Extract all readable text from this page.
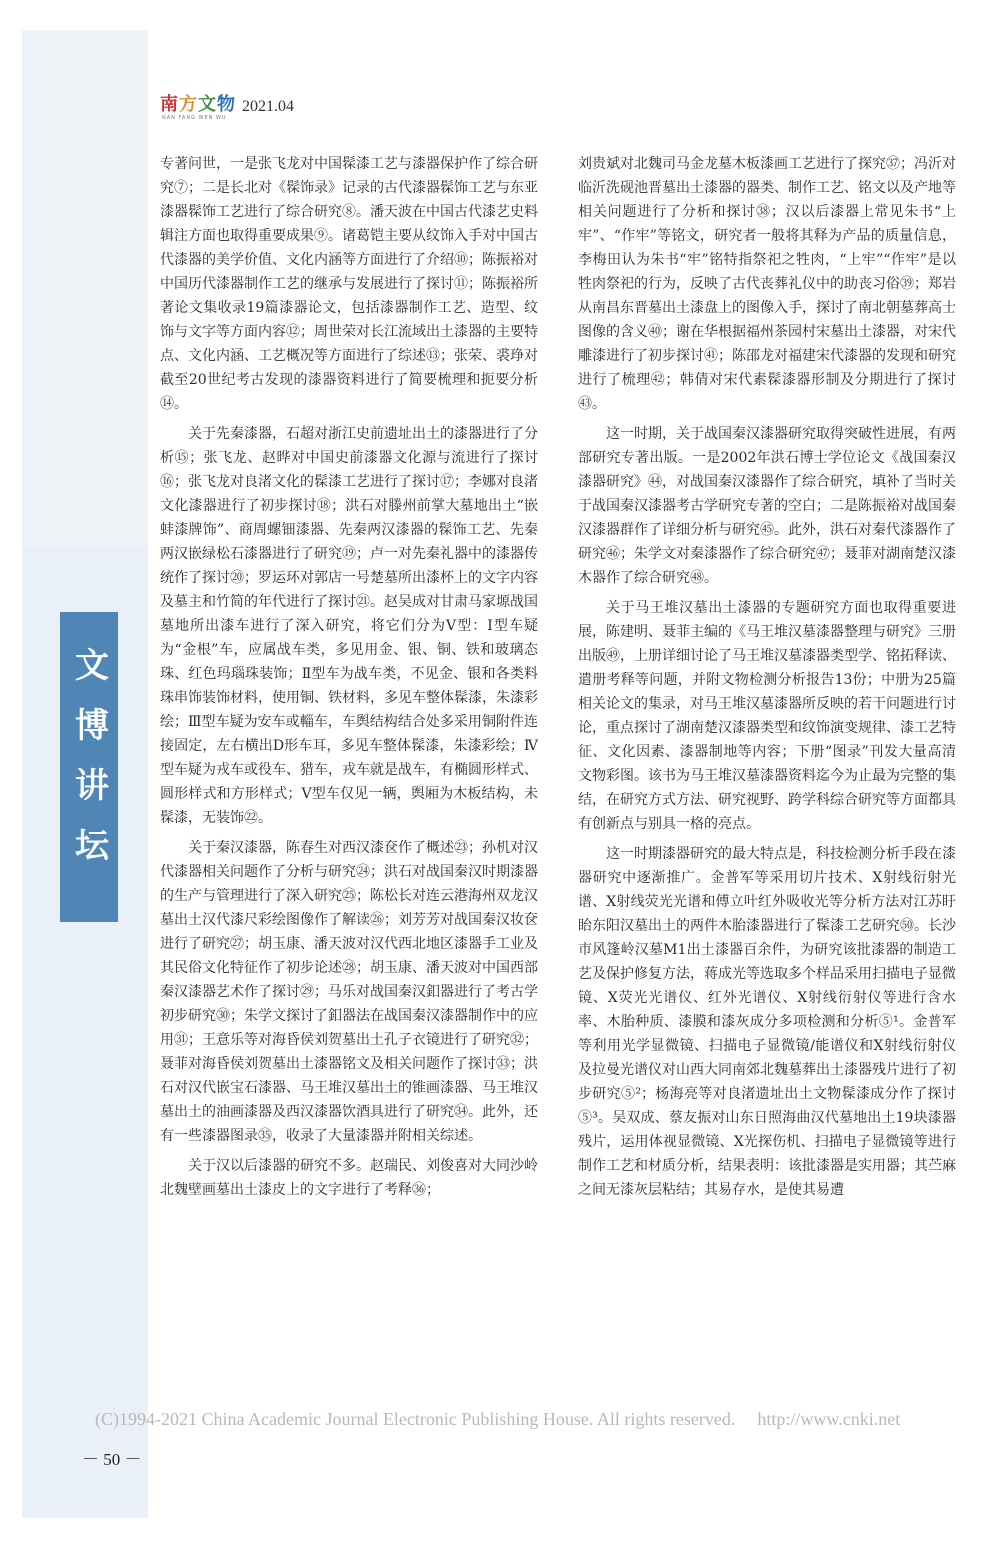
文博讲坛
南方文物
NAN FANG WEN WU
2021.04

专著问世，一是张飞龙对中国髹漆工艺与漆器保护作了综合研究⑦；二是长北对《髹饰录》记录的古代漆器髹饰工艺与东亚漆器髹饰工艺进行了综合研究⑧。潘天波在中国古代漆艺史料辑注方面也取得重要成果⑨。诸葛铠主要从纹饰入手对中国古代漆器的美学价值、文化内涵等方面进行了介绍⑩；陈振裕对中国历代漆器制作工艺的继承与发展进行了探讨⑪；陈振裕所著论文集收录19篇漆器论文，包括漆器制作工艺、造型、纹饰与文字等方面内容⑫；周世荣对长江流域出土漆器的主要特点、文化内涵、工艺概况等方面进行了综述⑬；张荣、裘琤对截至20世纪考古发现的漆器资料进行了简要梳理和扼要分析⑭。

关于先秦漆器，石超对浙江史前遗址出土的漆器进行了分析⑮；张飞龙、赵晔对中国史前漆器文化源与流进行了探讨⑯；张飞龙对良渚文化的髹漆工艺进行了探讨⑰；李娜对良渚文化漆器进行了初步探讨⑱；洪石对滕州前掌大墓地出土“嵌蚌漆牌饰”、商周螺钿漆器、先秦两汉漆器的髹饰工艺、先秦两汉嵌绿松石漆器进行了研究⑲；卢一对先秦礼器中的漆器传统作了探讨⑳；罗运环对郭店一号楚墓所出漆杯上的文字内容及墓主和竹简的年代进行了探讨㉑。赵吴成对甘肃马家塬战国墓地所出漆车进行了深入研究，将它们分为Ⅴ型：Ⅰ型车疑为“金根”车，应属战车类，多见用金、银、铜、铁和玻璃态珠、红色玛瑙珠装饰；Ⅱ型车为战车类，不见金、银和各类料珠串饰装饰材料，使用铜、铁材料，多见车整体髹漆，朱漆彩绘；Ⅲ型车疑为安车或輜车，车舆结构结合处多采用铜附件连接固定，左右横出D形车耳，多见车整体髹漆，朱漆彩绘；Ⅳ型车疑为戎车或役车、猎车，戎车就是战车，有椭圆形样式、圆形样式和方形样式；Ⅴ型车仅见一辆，舆厢为木板结构，未髹漆，无装饰㉒。

关于秦汉漆器，陈春生对西汉漆奁作了概述㉓；孙机对汉代漆器相关问题作了分析与研究㉔；洪石对战国秦汉时期漆器的生产与管理进行了深入研究㉕；陈松长对连云港海州双龙汉墓出土汉代漆尺彩绘图像作了解读㉖；刘芳芳对战国秦汉妆奁进行了研究㉗；胡玉康、潘天波对汉代西北地区漆器手工业及其民俗文化特征作了初步论述㉘；胡玉康、潘天波对中国西部秦汉漆器艺术作了探讨㉙；马乐对战国秦汉釦器进行了考古学初步研究㉚；朱学文探讨了釦器法在战国秦汉漆器制作中的应用㉛；王意乐等对海昏侯刘贺墓出土孔子衣镜进行了研究㉜；聂菲对海昏侯刘贺墓出土漆器铭文及相关问题作了探讨㉝；洪石对汉代嵌宝石漆器、马王堆汉墓出土的锥画漆器、马王堆汉墓出土的油画漆器及西汉漆器饮酒具进行了研究㉞。此外，还有一些漆器图录㉟，收录了大量漆器并附相关综述。

关于汉以后漆器的研究不多。赵瑞民、刘俊喜对大同沙岭北魏壁画墓出土漆皮上的文字进行了考释㊱；

刘贵斌对北魏司马金龙墓木板漆画工艺进行了探究㊲；冯沂对临沂洗砚池晋墓出土漆器的器类、制作工艺、铭文以及产地等相关问题进行了分析和探讨㊳；汉以后漆器上常见朱书“上牢”、“作牢”等铭文，研究者一般将其释为产品的质量信息，李梅田认为朱书“牢”铭特指祭祀之牲肉，“上牢”“作牢”是以牲肉祭祀的行为，反映了古代丧葬礼仪中的助丧习俗㊴；郑岩从南昌东晋墓出土漆盘上的图像入手，探讨了南北朝墓葬高士图像的含义㊵；谢在华根据福州茶园村宋墓出土漆器，对宋代雕漆进行了初步探讨㊶；陈邵龙对福建宋代漆器的发现和研究进行了梳理㊷；韩倩对宋代素髹漆器形制及分期进行了探讨㊸。

这一时期，关于战国秦汉漆器研究取得突破性进展，有两部研究专著出版。一是2002年洪石博士学位论文《战国秦汉漆器研究》㊹，对战国秦汉漆器作了综合研究，填补了当时关于战国秦汉漆器考古学研究专著的空白；二是陈振裕对战国秦汉漆器群作了详细分析与研究㊺。此外，洪石对秦代漆器作了研究㊻；朱学文对秦漆器作了综合研究㊼；聂菲对湖南楚汉漆木器作了综合研究㊽。

关于马王堆汉墓出土漆器的专题研究方面也取得重要进展，陈建明、聂菲主编的《马王堆汉墓漆器整理与研究》三册出版㊾，上册详细讨论了马王堆汉墓漆器类型学、铭拓释读、遣册考释等问题，并附文物检测分析报告13份；中册为25篇相关论文的集录，对马王堆汉墓漆器所反映的若干问题进行讨论，重点探讨了湖南楚汉漆器类型和纹饰演变规律、漆工艺特征、文化因素、漆器制地等内容；下册“图录”刊发大量高清文物彩图。该书为马王堆汉墓漆器资料迄今为止最为完整的集结，在研究方式方法、研究视野、跨学科综合研究等方面都具有创新点与别具一格的亮点。

这一时期漆器研究的最大特点是，科技检测分析手段在漆器研究中逐渐推广。金普军等采用切片技术、X射线衍射光谱、X射线荧光光谱和傅立叶红外吸收光等分析方法对江苏盱眙东阳汉墓出土的两件木胎漆器进行了髹漆工艺研究㊿。长沙市风篷岭汉墓M1出土漆器百余件，为研究该批漆器的制造工艺及保护修复方法，蒋成光等选取多个样品采用扫描电子显微镜、X荧光光谱仪、红外光谱仪、X射线衍射仪等进行含水率、木胎种质、漆膜和漆灰成分多项检测和分析⑤¹。金普军等利用光学显微镜、扫描电子显微镜/能谱仪和X射线衍射仪及拉曼光谱仪对山西大同南郊北魏墓葬出土漆器残片进行了初步研究⑤²；杨海亮等对良渚遗址出土文物髹漆成分作了探讨⑤³。吴双成、蔡友振对山东日照海曲汉代墓地出土19块漆器残片，运用体视显微镜、X光探伤机、扫描电子显微镜等进行制作工艺和材质分析，结果表明：该批漆器是实用器；其苎麻之间无漆灰层粘结；其易存水，是使其易遭

(C)1994-2021 China Academic Journal Electronic Publishing House. All rights reserved. http://www.cnki.net
－ 50 －
